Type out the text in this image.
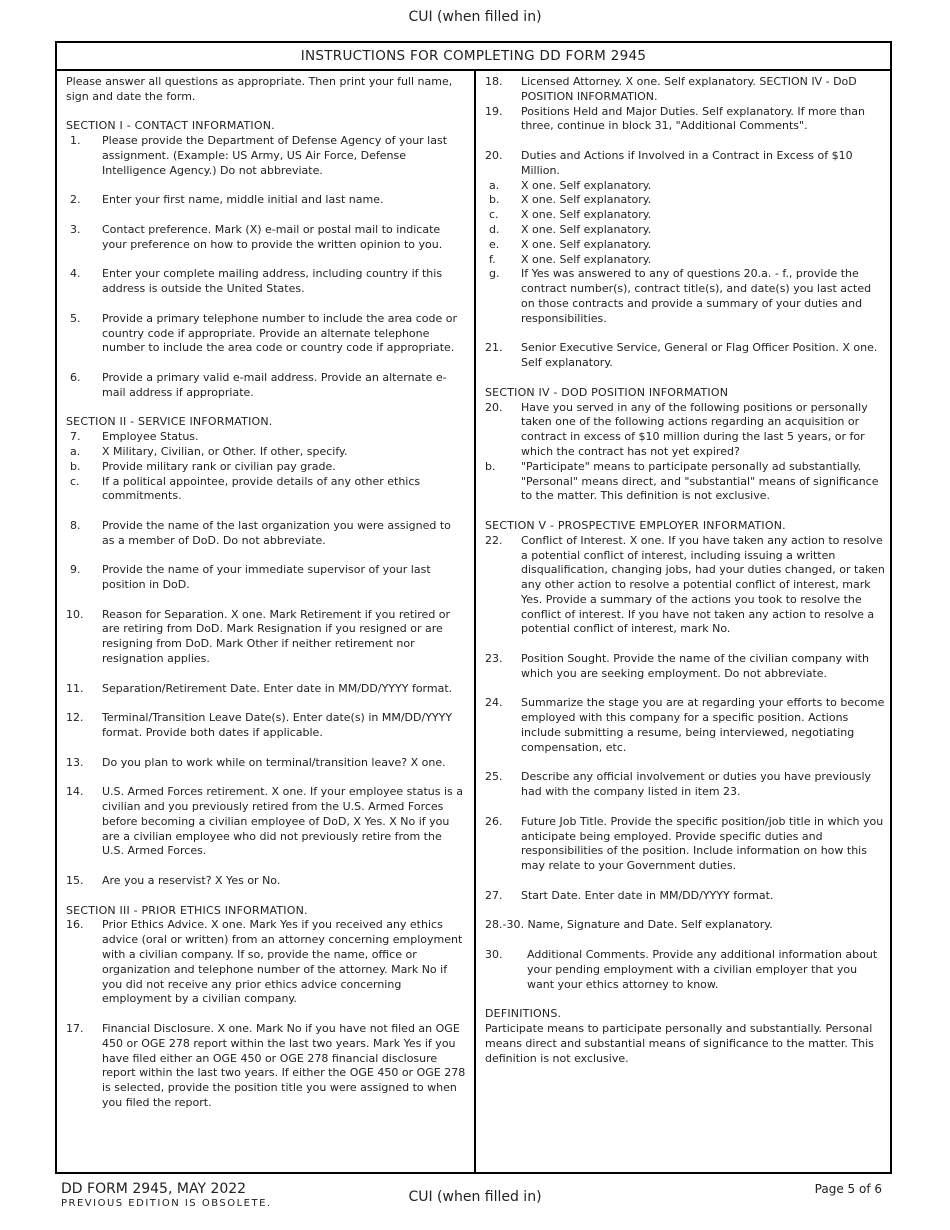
CUI (when filled in)
INSTRUCTIONS FOR COMPLETING DD FORM 2945

Please answer all questions as appropriate. Then print your full name, sign and date the form.

SECTION I - CONTACT INFORMATION.

1.	Please provide the Department of Defense Agency of your last assignment. (Example: US Army, US Air Force, Defense Intelligence Agency.) Do not abbreviate.
2.	Enter your first name, middle initial and last name.
3.	Contact preference. Mark (X) e-mail or postal mail to indicate your preference on how to provide the written opinion to you.
4.	Enter your complete mailing address, including country if this address is outside the United States.
5.	Provide a primary telephone number to include the area code or country code if appropriate. Provide an alternate telephone number to include the area code or country code if appropriate.
6.	Provide a primary valid e-mail address. Provide an alternate e-mail address if appropriate.

SECTION II - SERVICE INFORMATION.

7.	Employee Status.
a.	X Military, Civilian, or Other. If other, specify.
b.	Provide military rank or civilian pay grade.
c.	If a political appointee, provide details of any other ethics commitments.
8.	Provide the name of the last organization you were assigned to as a member of DoD. Do not abbreviate.
9.	Provide the name of your immediate supervisor of your last position in DoD.
10.	Reason for Separation. X one. Mark Retirement if you retired or are retiring from DoD. Mark Resignation if you resigned or are resigning from DoD. Mark Other if neither retirement nor resignation applies.
11.	Separation/Retirement Date. Enter date in MM/DD/YYYY format.
12.	Terminal/Transition Leave Date(s). Enter date(s) in MM/DD/YYYY format. Provide both dates if applicable.
13.	Do you plan to work while on terminal/transition leave? X one.
14.	U.S. Armed Forces retirement. X one. If your employee status is a civilian and you previously retired from the U.S. Armed Forces before becoming a civilian employee of DoD, X Yes. X No if you are a civilian employee who did not previously retire from the U.S. Armed Forces.
15.	Are you a reservist? X Yes or No.

SECTION III - PRIOR ETHICS INFORMATION.

16.	Prior Ethics Advice. X one. Mark Yes if you received any ethics advice (oral or written) from an attorney concerning employment with a civilian company. If so, provide the name, office or organization and telephone number of the attorney. Mark No if you did not receive any prior ethics advice concerning employment by a civilian company.
17.	Financial Disclosure. X one. Mark No if you have not filed an OGE 450 or OGE 278 report within the last two years. Mark Yes if you have filed either an OGE 450 or OGE 278 financial disclosure report within the last two years. If either the OGE 450 or OGE 278 is selected, provide the position title you were assigned to when you filed the report.
18.	Licensed Attorney. X one. Self explanatory. SECTION IV - DoD POSITION INFORMATION.
19.	Positions Held and Major Duties. Self explanatory. If more than three, continue in block 31, "Additional Comments".
20.	Duties and Actions if Involved in a Contract in Excess of $10 Million.
a.	X one. Self explanatory.
b.	X one. Self explanatory.
c.	X one. Self explanatory.
d.	X one. Self explanatory.
e.	X one. Self explanatory.
f.	X one. Self explanatory.
g.	If Yes was answered to any of questions 20.a. - f., provide the contract number(s), contract title(s), and date(s) you last acted on those contracts and provide a summary of your duties and responsibilities.
21.	Senior Executive Service, General or Flag Officer Position. X one. Self explanatory.

SECTION IV - DOD POSITION INFORMATION

20.	Have you served in any of the following positions or personally taken one of the following actions regarding an acquisition or contract in excess of $10 million during the last 5 years, or for which the contract has not yet expired?
b.	"Participate" means to participate personally ad substantially. "Personal" means direct, and "substantial" means of significance to the matter. This definition is not exclusive.

SECTION V - PROSPECTIVE EMPLOYER INFORMATION.

22.	Conflict of Interest. X one. If you have taken any action to resolve a potential conflict of interest, including issuing a written disqualification, changing jobs, had your duties changed, or taken any other action to resolve a potential conflict of interest, mark Yes. Provide a summary of the actions you took to resolve the conflict of interest. If you have not taken any action to resolve a potential conflict of interest, mark No.
23.	Position Sought. Provide the name of the civilian company with which you are seeking employment. Do not abbreviate.
24.	Summarize the stage you are at regarding your efforts to become employed with this company for a specific position. Actions include submitting a resume, being interviewed, negotiating compensation, etc.
25.	Describe any official involvement or duties you have previously had with the company listed in item 23.
26.	Future Job Title. Provide the specific position/job title in which you anticipate being employed. Provide specific duties and responsibilities of the position. Include information on how this may relate to your Government duties.
27.	Start Date. Enter date in MM/DD/YYYY format.

28.-30. Name, Signature and Date. Self explanatory.

30.	Additional Comments. Provide any additional information about your pending employment with a civilian employer that you want your ethics attorney to know.

DEFINITIONS.

Participate means to participate personally and substantially. Personal means direct and substantial means of significance to the matter. This definition is not exclusive.

DD FORM 2945, MAY 2022
PREVIOUS EDITION IS OBSOLETE.	CUI (when filled in)	Page 5 of 6
